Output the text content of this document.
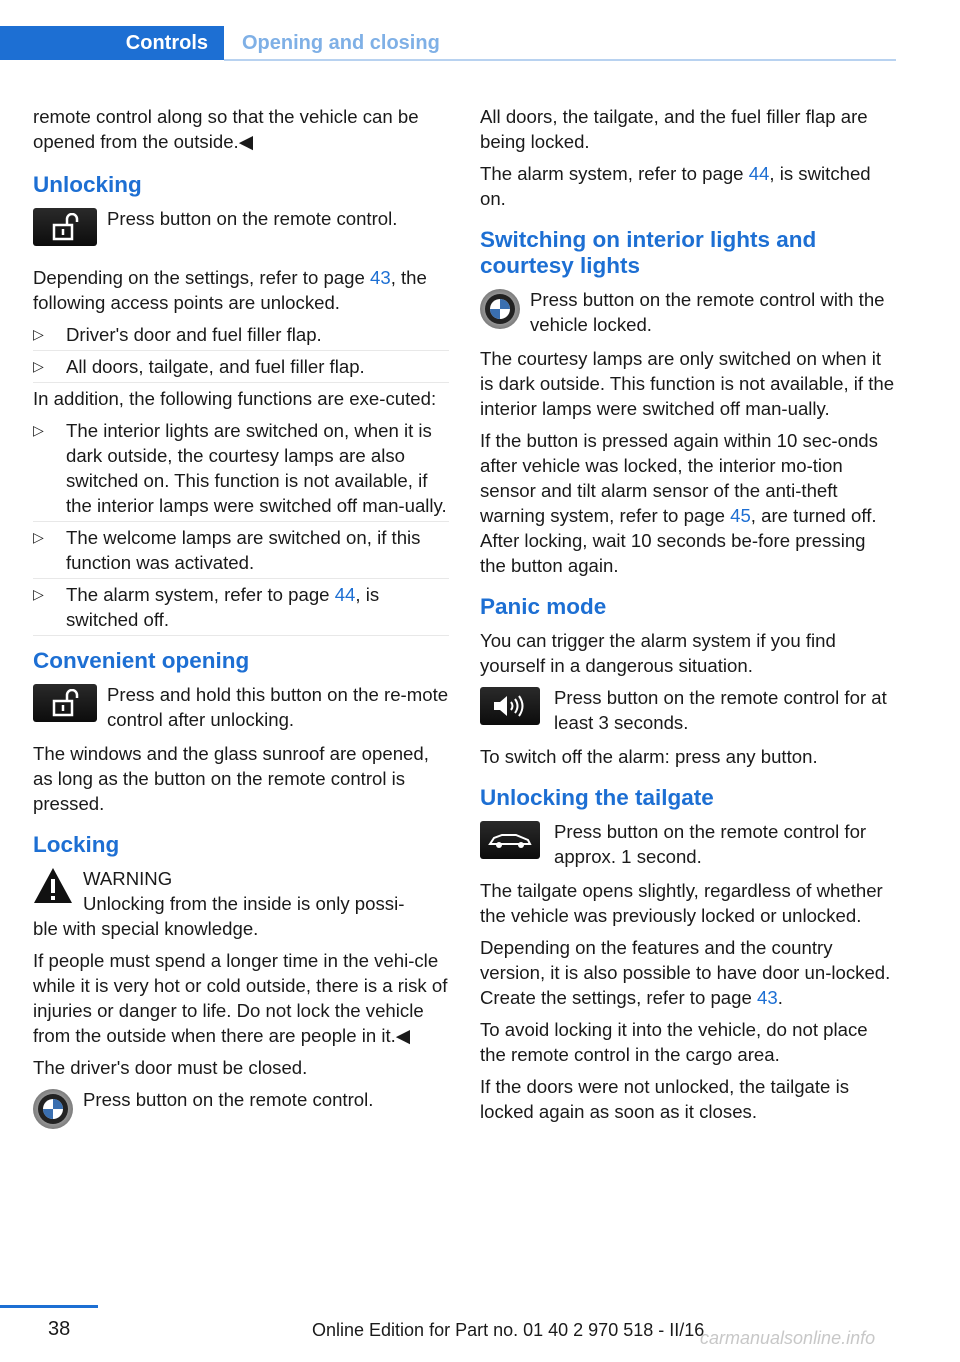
Controls Opening and closing

remote control along so that the vehicle can be opened from the outside.◀

Unlocking
Press button on the remote control.

Depending on the settings, refer to page 43, the following access points are unlocked.

▷ Driver's door and fuel filler flap.
▷ All doors, tailgate, and fuel filler flap.

In addition, the following functions are exe-cuted:

▷ The interior lights are switched on, when it is dark outside, the courtesy lamps are also switched on. This function is not available, if the interior lamps were switched off man-ually.
▷ The welcome lamps are switched on, if this function was activated.
▷ The alarm system, refer to page 44, is switched off.
Convenient opening
Press and hold this button on the re-mote control after unlocking.

The windows and the glass sunroof are opened, as long as the button on the remote control is pressed.

Locking
WARNING
Unlocking from the inside is only possi-

ble with special knowledge.

If people must spend a longer time in the vehi-cle while it is very hot or cold outside, there is a risk of injuries or danger to life. Do not lock the vehicle from the outside when there are people in it.◀

The driver's door must be closed.

Press button on the remote control.

All doors, the tailgate, and the fuel filler flap are being locked.

The alarm system, refer to page 44, is switched on.

Switching on interior lights and courtesy lights
Press button on the remote control with the vehicle locked.

The courtesy lamps are only switched on when it is dark outside. This function is not available, if the interior lamps were switched off man-ually.

If the button is pressed again within 10 sec-onds after vehicle was locked, the interior mo-tion sensor and tilt alarm sensor of the anti-theft warning system, refer to page 45, are turned off. After locking, wait 10 seconds be-fore pressing the button again.

Panic mode

You can trigger the alarm system if you find yourself in a dangerous situation.

Press button on the remote control for at least 3 seconds.

To switch off the alarm: press any button.

Unlocking the tailgate
Press button on the remote control for approx. 1 second.

The tailgate opens slightly, regardless of whether the vehicle was previously locked or unlocked.

Depending on the features and the country version, it is also possible to have door un-locked. Create the settings, refer to page 43.

To avoid locking it into the vehicle, do not place the remote control in the cargo area.

If the doors were not unlocked, the tailgate is locked again as soon as it closes.

38	Online Edition for Part no. 01 40 2 970 518 - II/16
carmanualsonline.info
